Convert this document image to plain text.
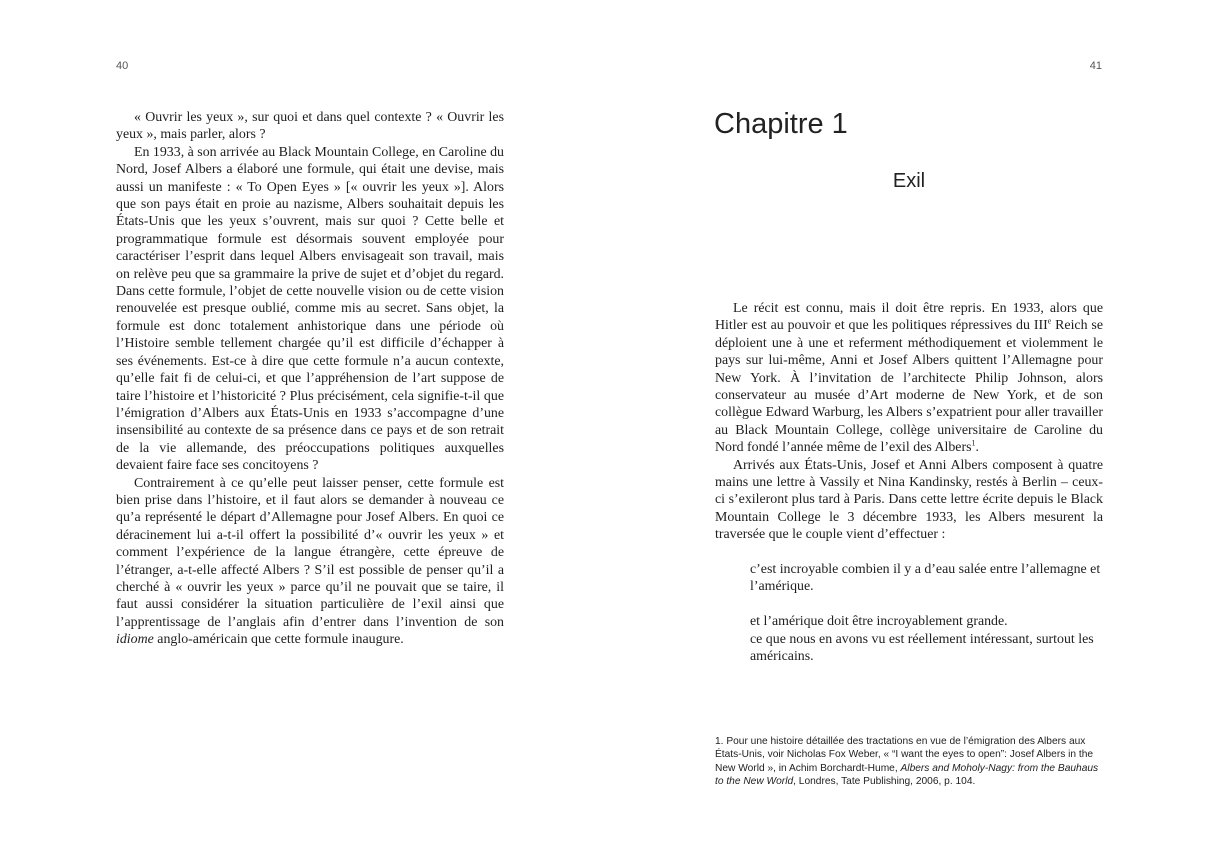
40	41

« Ouvrir les yeux », sur quoi et dans quel contexte ? « Ouvrir les yeux », mais parler, alors ?

En 1933, à son arrivée au Black Mountain College, en Caroline du Nord, Josef Albers a élaboré une formule, qui était une devise, mais aussi un manifeste : « To Open Eyes » [« ouvrir les yeux »]. Alors que son pays était en proie au nazisme, Albers souhaitait depuis les États-Unis que les yeux s’ouvrent, mais sur quoi ? Cette belle et programmatique formule est désormais souvent employée pour caractériser l’esprit dans lequel Albers envisageait son travail, mais on relève peu que sa grammaire la prive de sujet et d’objet du regard. Dans cette formule, l’objet de cette nouvelle vision ou de cette vision renouvelée est presque oublié, comme mis au secret. Sans objet, la formule est donc totalement anhistorique dans une période où l’Histoire semble tellement chargée qu’il est difficile d’échapper à ses événements. Est-ce à dire que cette formule n’a aucun contexte, qu’elle fait fi de celui-ci, et que l’appréhension de l’art suppose de taire l’histoire et l’historicité ? Plus précisément, cela signifie-t-il que l’émigration d’Albers aux États-Unis en 1933 s’accompagne d’une insensibilité au contexte de sa présence dans ce pays et de son retrait de la vie allemande, des préoccupations politiques auxquelles devaient faire face ses concitoyens ?

Contrairement à ce qu’elle peut laisser penser, cette formule est bien prise dans l’histoire, et il faut alors se demander à nouveau ce qu’a représenté le départ d’Allemagne pour Josef Albers. En quoi ce déracinement lui a-t-il offert la possibilité d’« ouvrir les yeux » et comment l’expérience de la langue étrangère, cette épreuve de l’étranger, a-t-elle affecté Albers ? S’il est possible de penser qu’il a cherché à « ouvrir les yeux » parce qu’il ne pouvait que se taire, il faut aussi considérer la situation particulière de l’exil ainsi que l’apprentissage de l’anglais afin d’entrer dans l’invention de son idiome anglo-américain que cette formule inaugure.

Chapitre 1
Exil

Le récit est connu, mais il doit être repris. En 1933, alors que Hitler est au pouvoir et que les politiques répressives du IIIe Reich se déploient une à une et referment méthodiquement et violemment le pays sur lui-même, Anni et Josef Albers quittent l’Allemagne pour New York. À l’invitation de l’architecte Philip Johnson, alors conservateur au musée d’Art moderne de New York, et de son collègue Edward Warburg, les Albers s’expatrient pour aller travailler au Black Mountain College, collège universitaire de Caroline du Nord fondé l’année même de l’exil des Albers$^1$.

Arrivés aux États-Unis, Josef et Anni Albers composent à quatre mains une lettre à Vassily et Nina Kandinsky, restés à Berlin – ceux-ci s’exileront plus tard à Paris. Dans cette lettre écrite depuis le Black Mountain College le 3 décembre 1933, les Albers mesurent la traversée que le couple vient d’effectuer :

c’est incroyable combien il y a d’eau salée entre l’allemagne et l’amérique.

et l’amérique doit être incroyablement grande.
ce que nous en avons vu est réellement intéressant, surtout les américains.

1. Pour une histoire détaillée des tractations en vue de l’émigration des Albers aux États-Unis, voir Nicholas Fox Weber, « “I want the eyes to open”: Josef Albers in the New World », in Achim Borchardt-Hume, Albers and Moholy-Nagy: from the Bauhaus to the New World, Londres, Tate Publishing, 2006, p. 104.
